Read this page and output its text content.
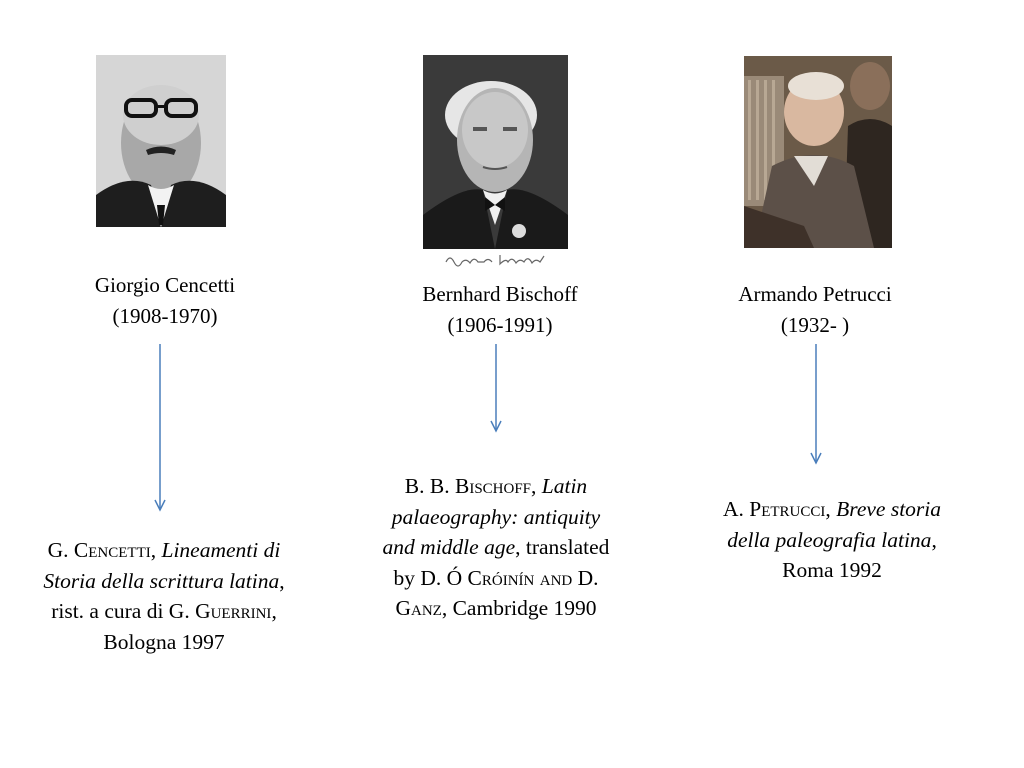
Giorgio Cencetti
(1908-1970)
G. Cencetti, Lineamenti di Storia della scrittura latina, rist. a cura di G. Guerrini, Bologna 1997
Bernhard Bischoff
(1906-1991)
B. B. Bischoff, Latin palaeography: antiquity and middle age, translated by D. Ó Cróinín and D. Ganz, Cambridge 1990
Armando Petrucci
(1932- )
A. Petrucci, Breve storia della paleografia latina, Roma 1992
